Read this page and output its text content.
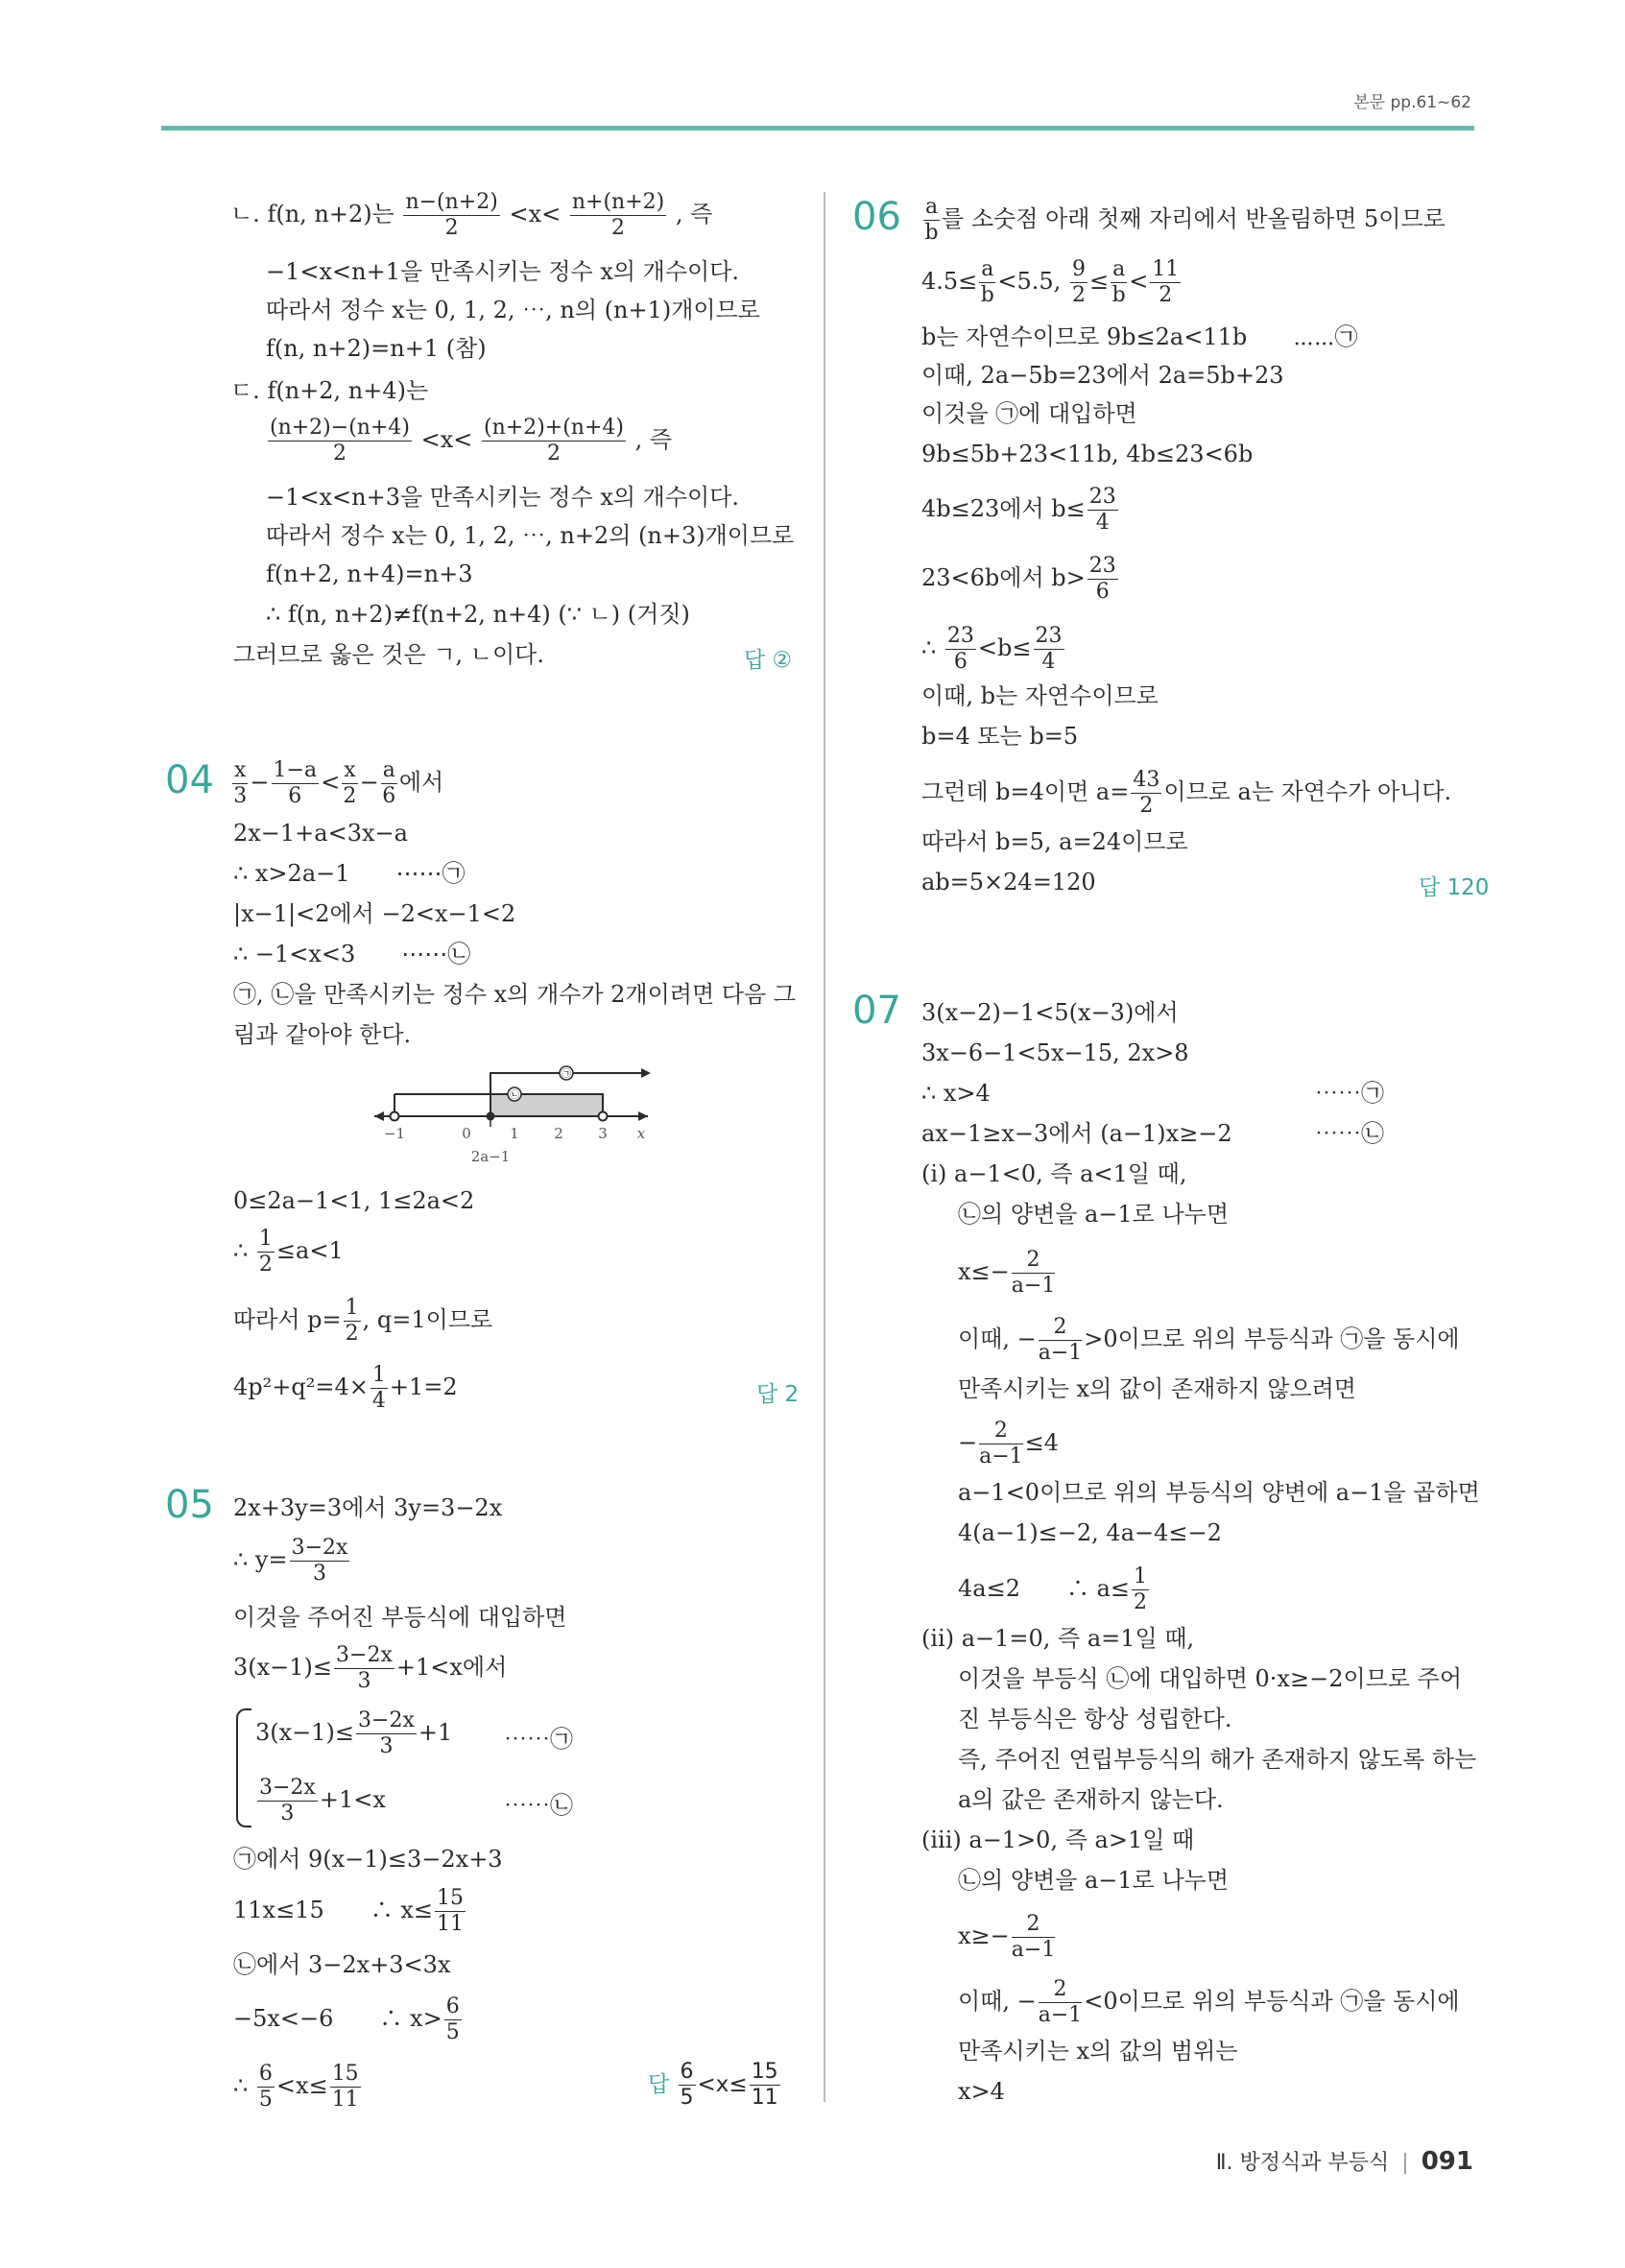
본문 pp.61~62
ㄴ. f(n, n+2)는 $\frac{n-(n+2)}{2} <x< \frac{n+(n+2)}{2}$ , 즉
−1<x<n+1을 만족시키는 정수 x의 개수이다.
따라서 정수 x는 0, 1, 2, ⋯, n의 (n+1)개이므로
f(n, n+2)=n+1 (참)
ㄷ. f(n+2, n+4)는
$\frac{(n+2)-(n+4)}{2} <x< \frac{(n+2)+(n+4)}{2}$ , 즉
−1<x<n+3을 만족시키는 정수 x의 개수이다.
따라서 정수 x는 0, 1, 2, ⋯, n+2의 (n+3)개이므로
f(n+2, n+4)=n+3
∴ f(n, n+2)≠f(n+2, n+4) (∵ ㄴ) (거짓)
그러므로 옳은 것은 ㄱ, ㄴ이다.	답 ②
$04 \frac{x}{3} - \frac{1-a}{6} < \frac{x}{2} - \frac{a}{6}$ 에서
2x−1+a<3x−a
∴ x>2a−1　　⋯⋯㉠
|x−1|<2에서 −2<x−1<2
∴ −1<x<3　　⋯⋯㉡
㉠, ㉡을 만족시키는 정수 x의 개수가 2개이려면 다음 그
림과 같아야 한다.
㉠
㉡
−1	0	1 2 3 x
2a−1
0≤2a−1<1, 1≤2a<2
∴ $\frac{1}{2} \le a<1$
따라서 $p= \frac{1}{2}$ , q=1이므로
$4p^2+q^2=4\times \frac{1}{4} +1=2$	답 2
05 2x+3y=3에서 3y=3−2x
∴ $y= \frac{3-2x}{3}$
이것을 주어진 부등식에 대입하면
$3(x-1)\le \frac{3-2x}{3} +1<x$에서
$3(x-1)\le \frac{3-2x}{3} +1$ ⋯⋯㉠
$\frac{3-2x}{3} +1<x$	⋯⋯㉡
㉠에서 9(x−1)≤3−2x+3
11x≤15　　∴ $x\le \frac{15}{11}$
㉡에서 3−2x+3<3x
−5x<−6　　∴ $x> \frac{6}{5}$
∴ $\frac{6}{5} <x\le \frac{15}{11}$	답 $\frac{6}{5} <x\le \frac{15}{11}$
$06 \frac{a}{b}$ 를 소숫점 아래 첫째 자리에서 반올림하면 5이므로
$4.5\le \frac{a}{b} <5.5$, $\frac{9}{2} \le \frac{a}{b} < \frac{11}{2}$
b는 자연수이므로 9b≤2a<11b　　⋯⋯㉠
이때, 2a−5b=23에서 2a=5b+23
이것을 ㉠에 대입하면
9b≤5b+23<11b, 4b≤23<6b
4b≤23에서 $b\le \frac{23}{4}$
23<6b에서 $b> \frac{23}{6}$
∴ $\frac{23}{6} <b\le \frac{23}{4}$
이때, b는 자연수이므로
b=4 또는 b=5
그런데 b=4이면 $a= \frac{43}{2}$ 이므로 a는 자연수가 아니다.
따라서 b=5, a=24이므로
ab=5×24=120	답 120
07 3(x−2)−1<5(x−3)에서
3x−6−1<5x−15, 2x>8
∴ x>4	⋯⋯㉠
ax−1≥x−3에서 (a−1)x≥−2	⋯⋯㉡
(ⅰ) a−1<0, 즉 a<1일 때,
㉡의 양변을 a−1로 나누면
$x\le- \frac{2}{a-1}$
이때, − $\frac{2}{a-1} >0$이므로 위의 부등식과 ㉠을 동시에
만족시키는 x의 값이 존재하지 않으려면
− $\frac{2}{a-1} \le 4$
a−1<0이므로 위의 부등식의 양변에 a−1을 곱하면
4(a−1)≤−2, 4a−4≤−2
4a≤2　　∴ $a\le \frac{1}{2}$
(ⅱ) a−1=0, 즉 a=1일 때,
이것을 부등식 ㉡에 대입하면 0·x≥−2이므로 주어
진 부등식은 항상 성립한다.
즉, 주어진 연립부등식의 해가 존재하지 않도록 하는
a의 값은 존재하지 않는다.
(ⅲ) a−1>0, 즉 a>1일 때
㉡의 양변을 a−1로 나누면
$x\ge- \frac{2}{a-1}$
이때, − $\frac{2}{a-1} <0$이므로 위의 부등식과 ㉠을 동시에
만족시키는 x의 값의 범위는
x>4
Ⅱ. 방정식과 부등식 | 091
